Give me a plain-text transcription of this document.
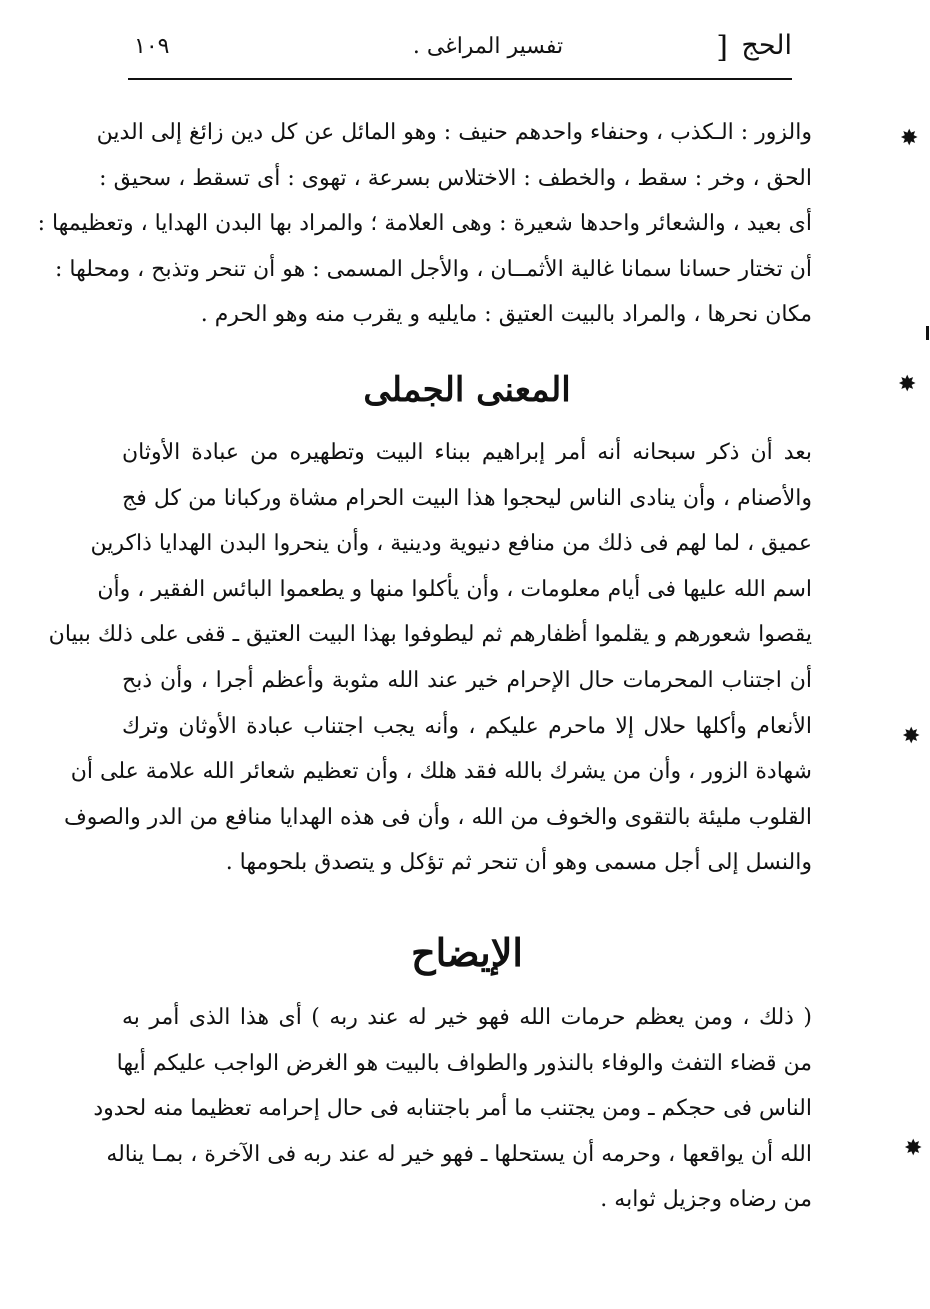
الحج
]
تفسير المراغى .
١٠٩

والزور : الـكذب ، وحنفاء واحدهم حنيف : وهو المائل عن كل دين زائغ إلى الدين
الحق ، وخر : سقط ، والخطف : الاختلاس بسرعة ، تهوى : أى تسقط ، سحيق :
أى بعيد ، والشعائر واحدها شعيرة : وهى العلامة ؛ والمراد بها البدن الهدايا ، وتعظيمها :
أن تختار حسانا سمانا غالية الأثمــان ، والأجل المسمى : هو أن تنحر وتذبح ، ومحلها :
مكان نحرها ، والمراد بالبيت العتيق : مايليه و يقرب منه وهو الحرم .

المعنى الجملى

بعد أن ذكر سبحانه أنه أمر إبراهيم ببناء البيت وتطهيره من عبادة الأوثان
والأصنام ، وأن ينادى الناس ليحجوا هذا البيت الحرام مشاة وركبانا من كل فج
عميق ، لما لهم فى ذلك من منافع دنيوية ودينية ، وأن ينحروا البدن الهدايا ذاكرين
اسم الله عليها فى أيام معلومات ، وأن يأكلوا منها و يطعموا البائس الفقير ، وأن
يقصوا شعورهم و يقلموا أظفارهم ثم ليطوفوا بهذا البيت العتيق ـ قفى على ذلك ببيان
أن اجتناب المحرمات حال الإحرام خير عند الله مثوبة وأعظم أجرا ، وأن ذبح
الأنعام وأكلها حلال إلا ماحرم عليكم ، وأنه يجب اجتناب عبادة الأوثان وترك
شهادة الزور ، وأن من يشرك بالله فقد هلك ، وأن تعظيم شعائر الله علامة على أن
القلوب مليئة بالتقوى والخوف من الله ، وأن فى هذه الهدايا منافع من الدر والصوف
والنسل إلى أجل مسمى وهو أن تنحر ثم تؤكل و يتصدق بلحومها .

الإيضاح

( ذلك ، ومن يعظم حرمات الله فهو خير له عند ربه ) أى هذا الذى أمر به
من قضاء التفث والوفاء بالنذور والطواف بالبيت هو الغرض الواجب عليكم أيها
الناس فى حجكم ـ ومن يجتنب ما أمر باجتنابه فى حال إحرامه تعظيما منه لحدود
الله أن يواقعها ، وحرمه أن يستحلها ـ فهو خير له عند ربه فى الآخرة ، بمـا يناله
من رضاه وجزيل ثوابه .

✸
✸
✸
✸
